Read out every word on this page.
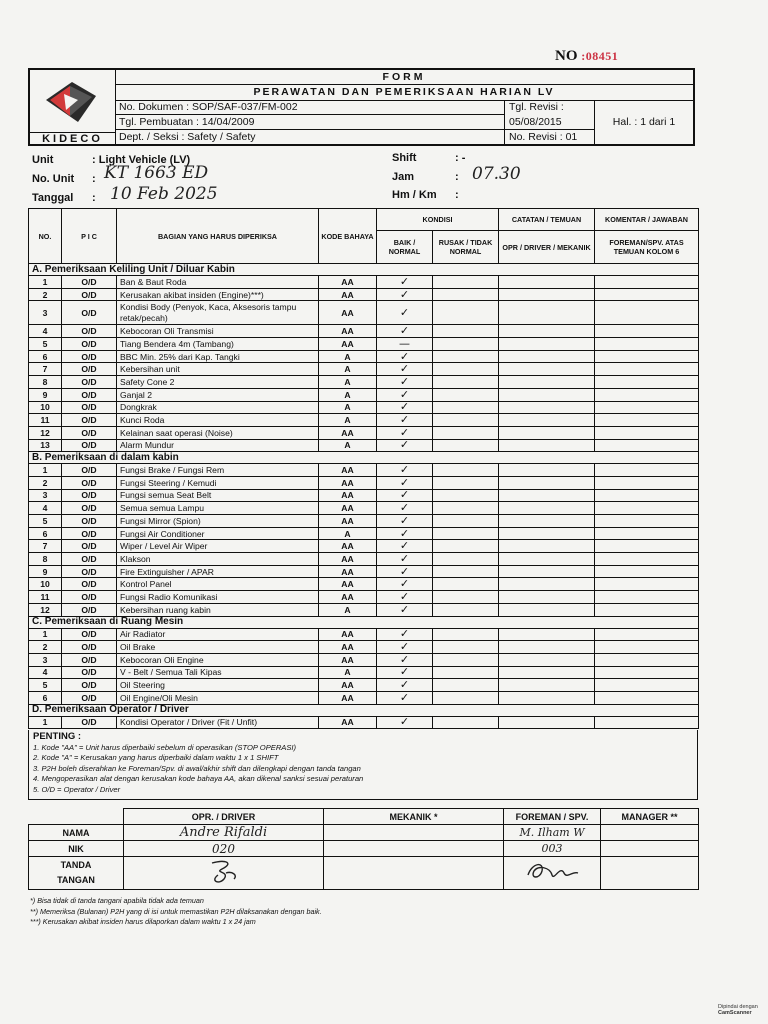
NO :08451
KIDECO
FORM
PERAWATAN DAN PEMERIKSAAN HARIAN LV
No. Dokumen : SOP/SAF-037/FM-002
Tgl. Pembuatan : 14/04/2009
Dept. / Seksi : Safety / Safety
Tgl. Revisi :
05/08/2015
No. Revisi : 01
Hal. : 1 dari 1
Unit	: Light Vehicle (LV)
No. Unit : KT 1663 ED
Tanggal : 10 Feb 2025
Shift	: -
Jam	: 07.30
Hm / Km :
NO.	P I C	BAGIAN YANG HARUS DIPERIKSA	KODE BAHAYA	KONDISI		CATATAN / TEMUAN	KOMENTAR / JAWABAN
				BAIK / NORMAL	RUSAK / TIDAK NORMAL	OPR / DRIVER / MEKANIK	FOREMAN/SPV. ATAS TEMUAN KOLOM 6
A. Pemeriksaan Keliling Unit / Diluar Kabin							
1	O/D	Ban & Baut Roda	AA	✓			
2	O/D	Kerusakan akibat insiden (Engine)***)	AA	✓			
3	O/D	Kondisi Body (Penyok, Kaca, Aksesoris tampu retak/pecah)	AA	✓			
4	O/D	Kebocoran Oli Transmisi	AA	✓			
5	O/D	Tiang Bendera 4m (Tambang)	AA	—			
6	O/D	BBC Min. 25% dari Kap. Tangki	A	✓			
7	O/D	Kebersihan unit	A	✓			
8	O/D	Safety Cone 2	A	✓			
9	O/D	Ganjal 2	A	✓			
10	O/D	Dongkrak	A	✓			
11	O/D	Kunci Roda	A	✓			
12	O/D	Kelainan saat operasi (Noise)	AA	✓			
13	O/D	Alarm Mundur	A	✓			
B. Pemeriksaan di dalam kabin							
1	O/D	Fungsi Brake / Fungsi Rem	AA	✓			
2	O/D	Fungsi Steering / Kemudi	AA	✓			
3	O/D	Fungsi semua Seat Belt	AA	✓			
4	O/D	Semua semua Lampu	AA	✓			
5	O/D	Fungsi Mirror (Spion)	AA	✓			
6	O/D	Fungsi Air Conditioner	A	✓			
7	O/D	Wiper / Level Air Wiper	AA	✓			
8	O/D	Klakson	AA	✓			
9	O/D	Fire Extinguisher / APAR	AA	✓			
10	O/D	Kontrol Panel	AA	✓			
11	O/D	Fungsi Radio Komunikasi	AA	✓			
12	O/D	Kebersihan ruang kabin	A	✓			
C. Pemeriksaan di Ruang Mesin							
1	O/D	Air Radiator	AA	✓			
2	O/D	Oil Brake	AA	✓			
3	O/D	Kebocoran Oli Engine	AA	✓			
4	O/D	V - Belt / Semua Tali Kipas	A	✓			
5	O/D	Oil Steering	AA	✓			
6	O/D	Oil Engine/Oli Mesin	AA	✓			
D. Pemeriksaan Operator / Driver							
1	O/D	Kondisi Operator / Driver (Fit / Unfit)	AA	✓			
PENTING :
1. Kode "AA" = Unit harus diperbaiki sebelum di operasikan (STOP OPERASI)
2. Kode "A" = Kerusakan yang harus diperbaiki dalam waktu 1 x 1 SHIFT
3. P2H boleh diserahkan ke Foreman/Spv. di awal/akhir shift dan dilengkapi dengan tanda tangan
4. Mengoperasikan alat dengan kerusakan kode bahaya AA, akan dikenal sanksi sesuai peraturan
5. O/D = Operator / Driver
	OPR. / DRIVER	MEKANIK *	FOREMAN / SPV.	MANAGER **
NAMA	Andre Rifaldi		M. Ilham W	
NIK	020		003	

TANDA
TANGAN

*) Bisa tidak di tanda tangani apabila tidak ada temuan
**) Memeriksa (Bulanan) P2H yang di isi untuk memastikan P2H dilaksanakan dengan baik.
***) Kerusakan akibat insiden harus dilaporkan dalam waktu 1 x 24 jam
Dipindai dengan
CamScanner
